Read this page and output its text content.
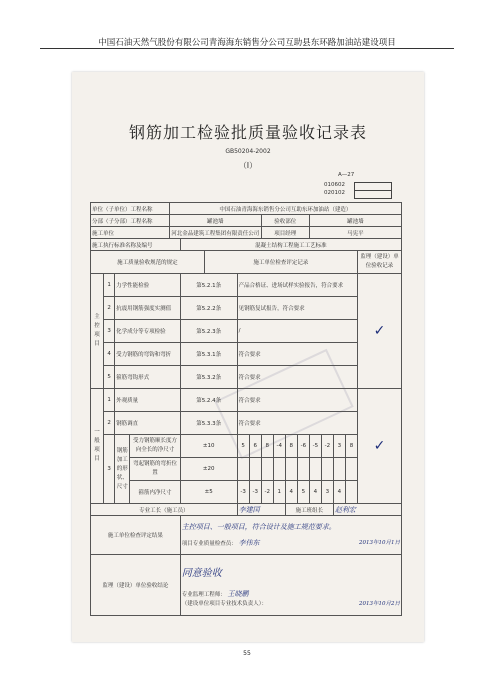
中国石油天然气股份有限公司青海海东销售分公司互助县东环路加油站建设项目
钢筋加工检验批质量验收记录表
GB50204-2002
（Ⅰ）
A—27
010602
020102
单位（子单位）工程名称				中国石油青海海东销售分公司互助东环加油站（建造）													
分部（子分部）工程名称				罐池墙					验收部位				罐池墙				
施工单位				河北金品建筑工程集团有限责任公司					项目经理				马宪平				
施工执行标准名称及编号					混凝土结构工程施工工艺标准												
施工质量验收规范的规定						施工单位检查评定记录											监理（建设）单位验收记录
主控项目	1	力学性能检验			第5.2.1条		产品合格证、进场试样实验报告，符合要求										✓
	2	抗震用钢筋强度实测值			第5.2.2条		见钢筋复试报告，符合要求										
	3	化学成分等专项检验			第5.2.3条		/										
	4	受力钢筋的弯钩和弯折			第5.3.1条		符合要求										
	5	箍筋弯钩形式			第5.3.2条		符合要求										
一般项目	1	外观质量			第5.2.4条		符合要求										✓
	2	钢筋调直			第5.3.3条		符合要求										
	3	钢筋加工的形状、尺寸	受力钢筋顺长度方向全长的净尺寸		±10		5	6	8	-4	8	-6	-5	-2	3	8	
			弯起钢筋的弯折位置		±20												
			箍筋内净尺寸		±5		-3	-3	-2	1	4	5	4	3	4		
专业工长（施工员）							李建国				施工班组长				赵利宏		
施工单位检查评定结果					主控项目、一般项目，符合设计及施工规范要求。
项目专业质量检查员： 李伟东 2013年10月1日												

监理（建设）单位验收结论					同意验收
专业监理工程师： 王晓鹏
（建设单位项目专业技术负责人）： 2013年10月2日												
55
